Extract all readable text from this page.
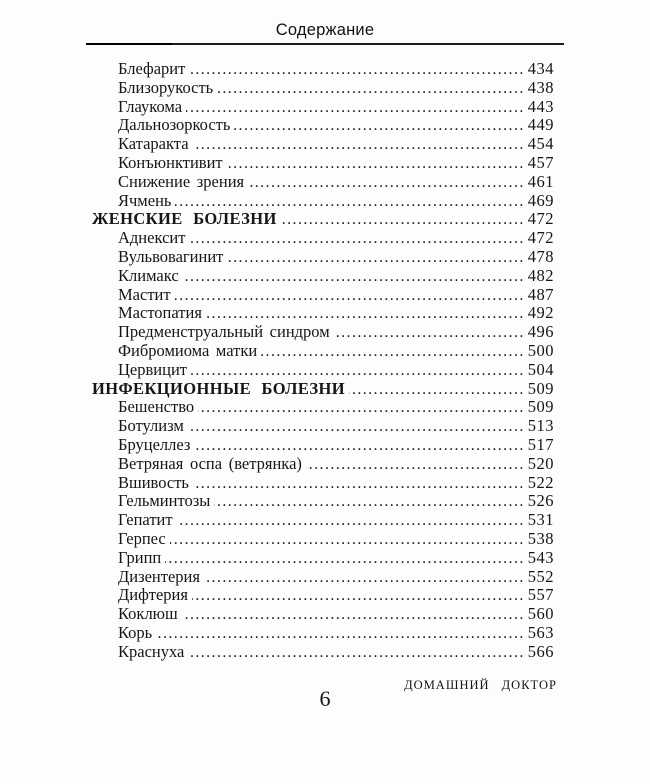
Содержание
Блефарит .....	434
Близорукость .....	438
Глаукома .....	443
Дальнозоркость .....	449
Катаракта .....	454
Конъюнктивит .....	457
Снижение зрения .....	461
Ячмень .....	469
ЖЕНСКИЕ БОЛЕЗНИ .....	472
Аднексит .....	472
Вульвовагинит .....	478
Климакс .....	482
Мастит .....	487
Мастопатия .....	492
Предменструальный синдром .....	496
Фибромиома матки .....	500
Цервицит .....	504
ИНФЕКЦИОННЫЕ БОЛЕЗНИ .....	509
Бешенство .....	509
Ботулизм .....	513
Бруцеллез .....	517
Ветряная оспа (ветрянка) .....	520
Вшивость .....	522
Гельминтозы .....	526
Гепатит .....	531
Герпес .....	538
Грипп .....	543
Дизентерия .....	552
Дифтерия .....	557
Коклюш .....	560
Корь .....	563
Краснуха .....	566
ДОМАШНИЙ ДОКТОР
6
